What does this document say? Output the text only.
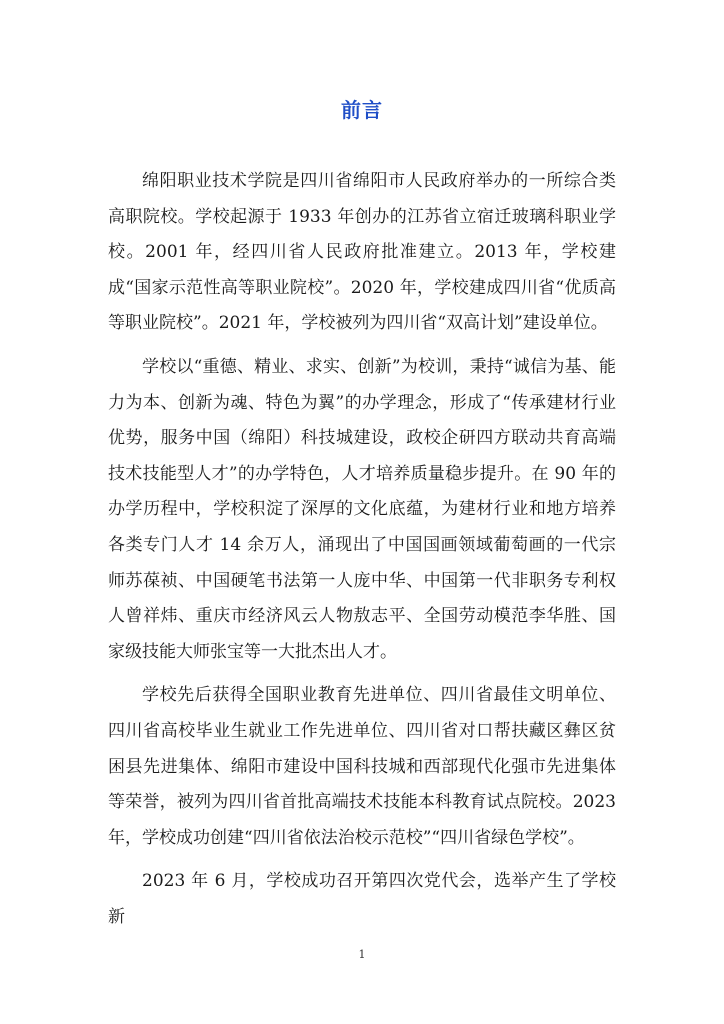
前言

绵阳职业技术学院是四川省绵阳市人民政府举办的一所综合类高职院校。学校起源于 1933 年创办的江苏省立宿迁玻璃科职业学校。2001 年，经四川省人民政府批准建立。2013 年，学校建成“国家示范性高等职业院校”。2020 年，学校建成四川省“优质高等职业院校”。2021 年，学校被列为四川省“双高计划”建设单位。

学校以“重德、精业、求实、创新”为校训，秉持“诚信为基、能力为本、创新为魂、特色为翼”的办学理念，形成了“传承建材行业优势，服务中国（绵阳）科技城建设，政校企研四方联动共育高端技术技能型人才”的办学特色，人才培养质量稳步提升。在 90 年的办学历程中，学校积淀了深厚的文化底蕴，为建材行业和地方培养各类专门人才 14 余万人，涌现出了中国国画领域葡萄画的一代宗师苏葆祯、中国硬笔书法第一人庞中华、中国第一代非职务专利权人曾祥炜、重庆市经济风云人物敖志平、全国劳动模范李华胜、国家级技能大师张宝等一大批杰出人才。

学校先后获得全国职业教育先进单位、四川省最佳文明单位、四川省高校毕业生就业工作先进单位、四川省对口帮扶藏区彝区贫困县先进集体、绵阳市建设中国科技城和西部现代化强市先进集体等荣誉，被列为四川省首批高端技术技能本科教育试点院校。2023 年，学校成功创建“四川省依法治校示范校”“四川省绿色学校”。

2023 年 6 月，学校成功召开第四次党代会，选举产生了学校新

1
